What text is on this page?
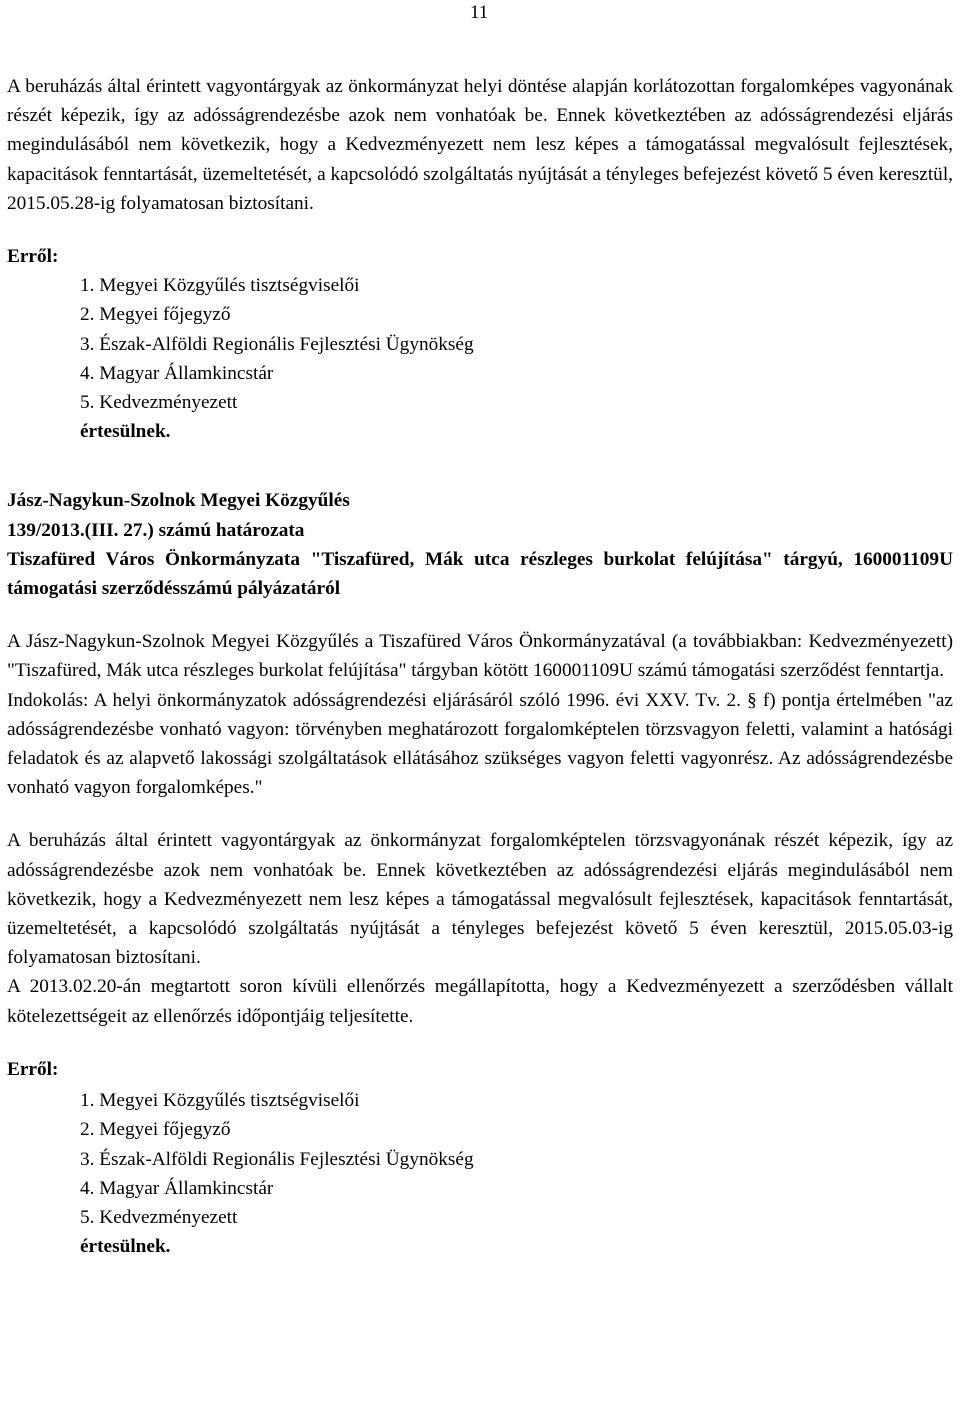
11

A beruházás által érintett vagyontárgyak az önkormányzat helyi döntése alapján korlátozottan forgalomképes vagyonának részét képezik, így az adósságrendezésbe azok nem vonhatóak be. Ennek következtében az adósságrendezési eljárás megindulásából nem következik, hogy a Kedvezményezett nem lesz képes a támogatással megvalósult fejlesztések, kapacitások fenntartását, üzemeltetését, a kapcsolódó szolgáltatás nyújtását a tényleges befejezést követő 5 éven keresztül, 2015.05.28-ig folyamatosan biztosítani.

Erről:

1. Megyei Közgyűlés tisztségviselői
2. Megyei főjegyző
3. Észak-Alföldi Regionális Fejlesztési Ügynökség
4. Magyar Államkincstár
5. Kedvezményezett

értesülnek.

Jász-Nagykun-Szolnok Megyei Közgyűlés

139/2013.(III. 27.) számú határozata

Tiszafüred Város Önkormányzata "Tiszafüred, Mák utca részleges burkolat felújítása" tárgyú, 160001109U támogatási szerződésszámú pályázatáról

A Jász-Nagykun-Szolnok Megyei Közgyűlés a Tiszafüred Város Önkormányzatával (a továbbiakban: Kedvezményezett) "Tiszafüred, Mák utca részleges burkolat felújítása" tárgyban kötött 160001109U számú támogatási szerződést fenntartja.

Indokolás: A helyi önkormányzatok adósságrendezési eljárásáról szóló 1996. évi XXV. Tv. 2. § f) pontja értelmében "az adósságrendezésbe vonható vagyon: törvényben meghatározott forgalomképtelen törzsvagyon feletti, valamint a hatósági feladatok és az alapvető lakossági szolgáltatások ellátásához szükséges vagyon feletti vagyonrész. Az adósságrendezésbe vonható vagyon forgalomképes."

A beruházás által érintett vagyontárgyak az önkormányzat forgalomképtelen törzsvagyonának részét képezik, így az adósságrendezésbe azok nem vonhatóak be. Ennek következtében az adósságrendezési eljárás megindulásából nem következik, hogy a Kedvezményezett nem lesz képes a támogatással megvalósult fejlesztések, kapacitások fenntartását, üzemeltetését, a kapcsolódó szolgáltatás nyújtását a tényleges befejezést követő 5 éven keresztül, 2015.05.03-ig folyamatosan biztosítani.

A 2013.02.20-án megtartott soron kívüli ellenőrzés megállapította, hogy a Kedvezményezett a szerződésben vállalt kötelezettségeit az ellenőrzés időpontjáig teljesítette.

Erről:

1. Megyei Közgyűlés tisztségviselői
2. Megyei főjegyző
3. Észak-Alföldi Regionális Fejlesztési Ügynökség
4. Magyar Államkincstár
5. Kedvezményezett

értesülnek.
